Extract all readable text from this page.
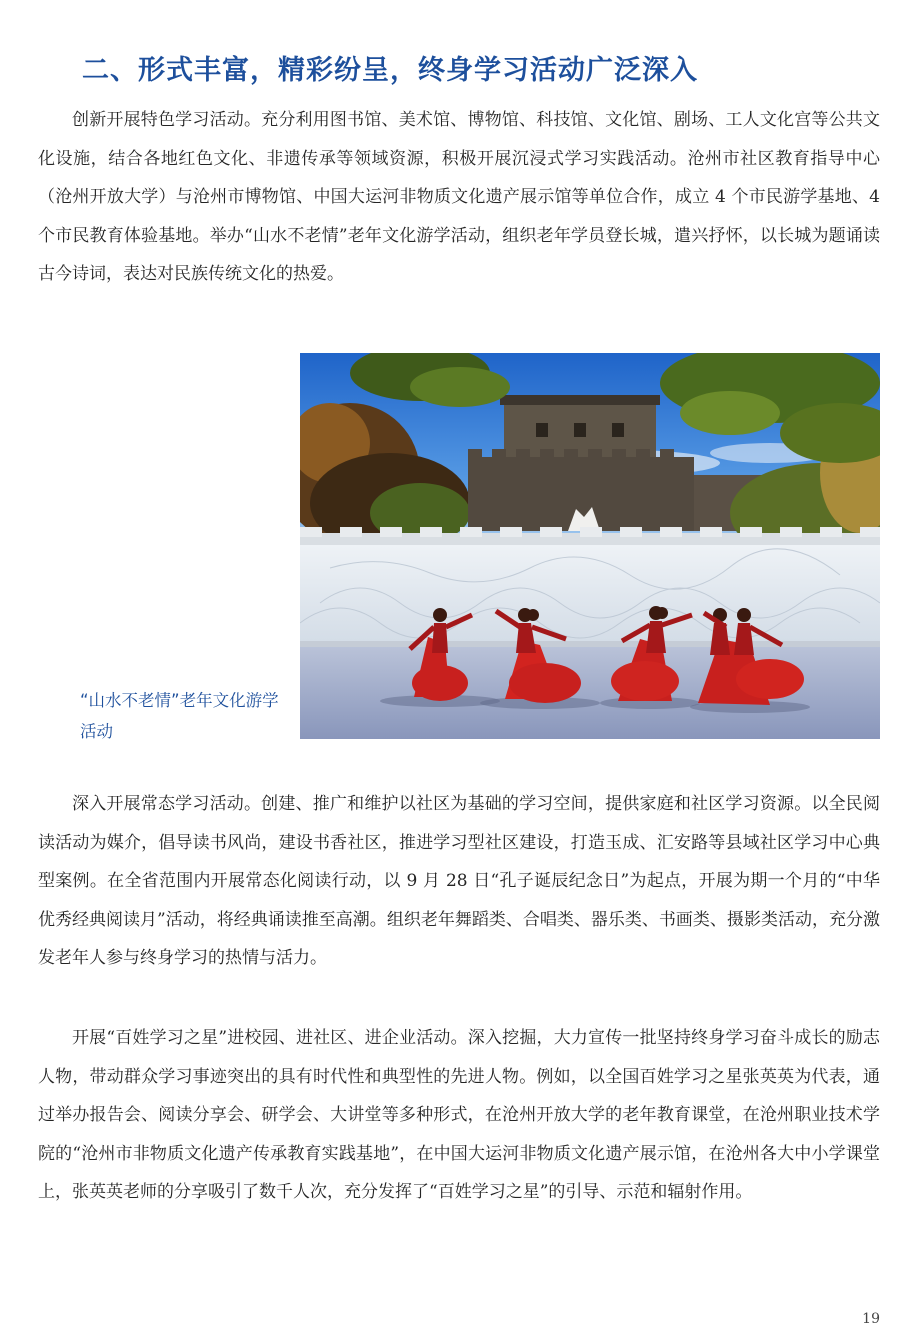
二、形式丰富，精彩纷呈，终身学习活动广泛深入

创新开展特色学习活动。充分利用图书馆、美术馆、博物馆、科技馆、文化馆、剧场、工人文化宫等公共文化设施，结合各地红色文化、非遗传承等领域资源，积极开展沉浸式学习实践活动。沧州市社区教育指导中心（沧州开放大学）与沧州市博物馆、中国大运河非物质文化遗产展示馆等单位合作，成立 4 个市民游学基地、4 个市民教育体验基地。举办“山水不老情”老年文化游学活动，组织老年学员登长城，遣兴抒怀，以长城为题诵读古今诗词，表达对民族传统文化的热爱。

“山水不老情”老年文化游学活动

深入开展常态学习活动。创建、推广和维护以社区为基础的学习空间，提供家庭和社区学习资源。以全民阅读活动为媒介，倡导读书风尚，建设书香社区，推进学习型社区建设，打造玉成、汇安路等县域社区学习中心典型案例。在全省范围内开展常态化阅读行动，以 9 月 28 日“孔子诞辰纪念日”为起点，开展为期一个月的“中华优秀经典阅读月”活动，将经典诵读推至高潮。组织老年舞蹈类、合唱类、器乐类、书画类、摄影类活动，充分激发老年人参与终身学习的热情与活力。

开展“百姓学习之星”进校园、进社区、进企业活动。深入挖掘，大力宣传一批坚持终身学习奋斗成长的励志人物，带动群众学习事迹突出的具有时代性和典型性的先进人物。例如，以全国百姓学习之星张英英为代表，通过举办报告会、阅读分享会、研学会、大讲堂等多种形式，在沧州开放大学的老年教育课堂，在沧州职业技术学院的“沧州市非物质文化遗产传承教育实践基地”，在中国大运河非物质文化遗产展示馆，在沧州各大中小学课堂上，张英英老师的分享吸引了数千人次，充分发挥了“百姓学习之星”的引导、示范和辐射作用。

19
